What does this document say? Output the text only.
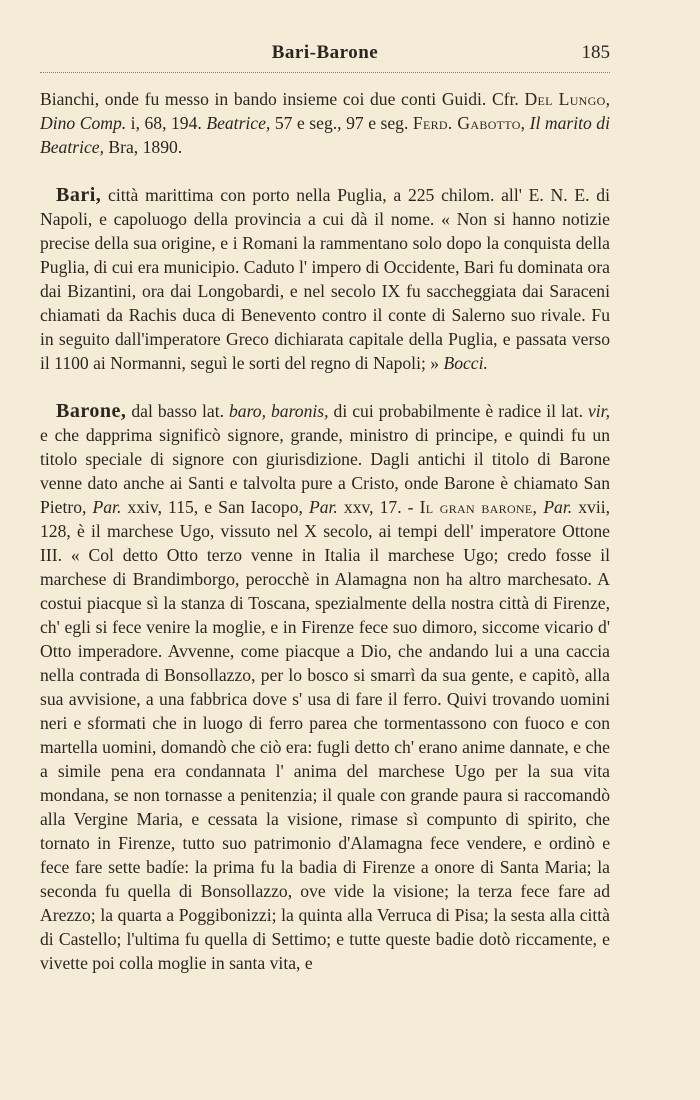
Bari-Barone	185

Bianchi, onde fu messo in bando insieme coi due conti Guidi. Cfr. Del Lungo, Dino Comp. i, 68, 194. Beatrice, 57 e seg., 97 e seg. Ferd. Gabotto, Il marito di Beatrice, Bra, 1890.

Bari, città marittima con porto nella Puglia, a 225 chilom. all' E. N. E. di Napoli, e capoluogo della provincia a cui dà il nome. « Non si hanno notizie precise della sua origine, e i Romani la rammentano solo dopo la conquista della Puglia, di cui era municipio. Caduto l' impero di Occidente, Bari fu dominata ora dai Bizantini, ora dai Longobardi, e nel secolo IX fu saccheggiata dai Saraceni chiamati da Rachis duca di Benevento contro il conte di Salerno suo rivale. Fu in seguito dall'imperatore Greco dichiarata capitale della Puglia, e passata verso il 1100 ai Normanni, seguì le sorti del regno di Napoli; » Bocci.

Barone, dal basso lat. baro, baronis, di cui probabilmente è radice il lat. vir, e che dapprima significò signore, grande, ministro di principe, e quindi fu un titolo speciale di signore con giurisdizione. Dagli antichi il titolo di Barone venne dato anche ai Santi e talvolta pure a Cristo, onde Barone è chiamato San Pietro, Par. xxiv, 115, e San Iacopo, Par. xxv, 17. - Il gran barone, Par. xvii, 128, è il marchese Ugo, vissuto nel X secolo, ai tempi dell' imperatore Ottone III. « Col detto Otto terzo venne in Italia il marchese Ugo; credo fosse il marchese di Brandimborgo, perocchè in Alamagna non ha altro marchesato. A costui piacque sì la stanza di Toscana, spezialmente della nostra città di Firenze, ch' egli si fece venire la moglie, e in Firenze fece suo dimoro, siccome vicario d' Otto imperadore. Avvenne, come piacque a Dio, che andando lui a una caccia nella contrada di Bonsollazzo, per lo bosco si smarrì da sua gente, e capitò, alla sua avvisione, a una fabbrica dove s' usa di fare il ferro. Quivi trovando uomini neri e sformati che in luogo di ferro parea che tormentassono con fuoco e con martella uomini, domandò che ciò era: fugli detto ch' erano anime dannate, e che a simile pena era condannata l' anima del marchese Ugo per la sua vita mondana, se non tornasse a penitenzia; il quale con grande paura si raccomandò alla Vergine Maria, e cessata la visione, rimase sì compunto di spirito, che tornato in Firenze, tutto suo patrimonio d'Alamagna fece vendere, e ordinò e fece fare sette badíe: la prima fu la badia di Firenze a onore di Santa Maria; la seconda fu quella di Bonsollazzo, ove vide la visione; la terza fece fare ad Arezzo; la quarta a Poggibonizzi; la quinta alla Verruca di Pisa; la sesta alla città di Castello; l'ultima fu quella di Settimo; e tutte queste badie dotò riccamente, e vivette poi colla moglie in santa vita, e
